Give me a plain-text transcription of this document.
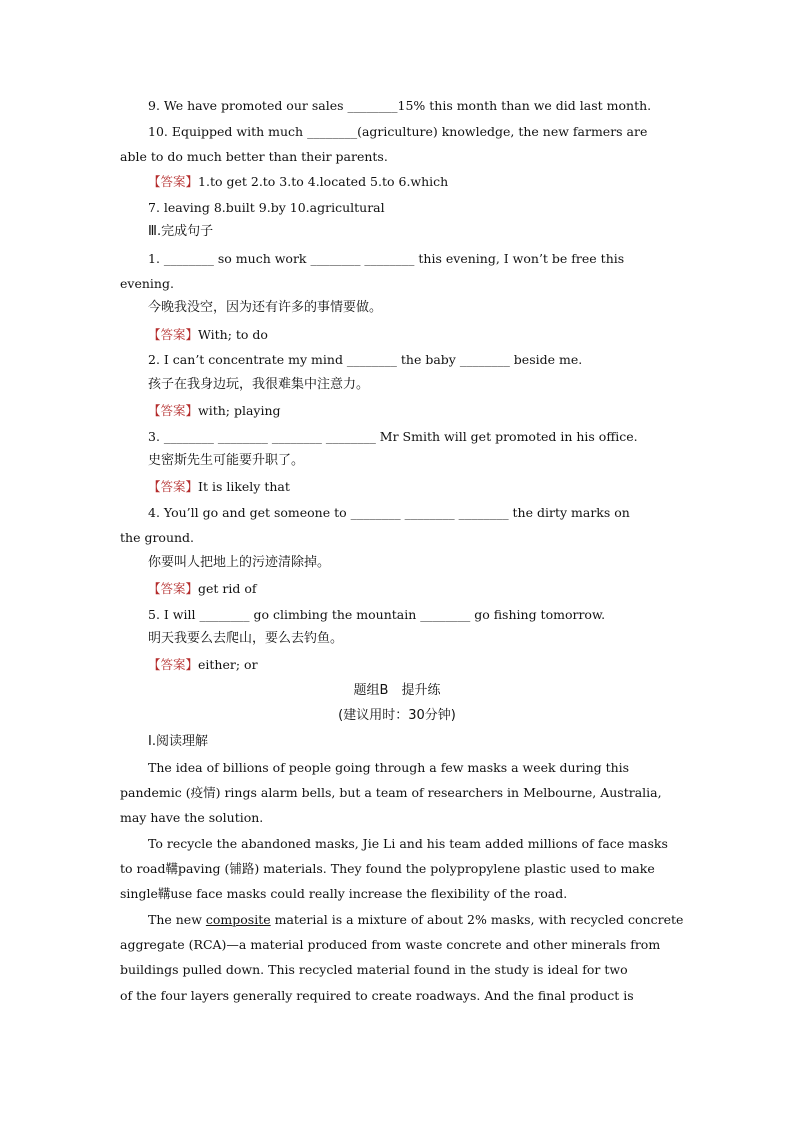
9. We have promoted our sales ________15% this month than we did last month.
10. Equipped with much ________(agriculture) knowledge, the new farmers are
able to do much better than their parents.
【答案】1.to get 2.to 3.to 4.located 5.to 6.which
7. leaving 8.built 9.by 10.agricultural
Ⅲ.完成句子
1. ________ so much work ________ ________ this evening, I won’t be free this
evening.
今晚我没空，因为还有许多的事情要做。
【答案】With; to do
2. I can’t concentrate my mind ________ the baby ________ beside me.
孩子在我身边玩，我很难集中注意力。
【答案】with; playing
3. ________ ________ ________ ________ Mr Smith will get promoted in his office.
史密斯先生可能要升职了。
【答案】It is likely that
4. You’ll go and get someone to ________ ________ ________ the dirty marks on
the ground.
你要叫人把地上的污迹清除掉。
【答案】get rid of
5. I will ________ go climbing the mountain ________ go fishing tomorrow.
明天我要么去爬山，要么去钓鱼。
【答案】either; or
题组B　提升练
(建议用时：30分钟)
Ⅰ.阅读理解
The idea of billions of people going through a few masks a week during this
pandemic (疫情) rings alarm bells, but a team of researchers in Melbourne, Australia,
may have the solution.
To recycle the abandoned masks, Jie Li and his team added millions of face masks
to road鞲paving (铺路) materials. They found the polypropylene plastic used to make
single鞲use face masks could really increase the flexibility of the road.
The new composite material is a mixture of about 2% masks, with recycled concrete
aggregate (RCA)—a material produced from waste concrete and other minerals from
buildings pulled down. This recycled material found in the study is ideal for two
of the four layers generally required to create roadways. And the final product is
